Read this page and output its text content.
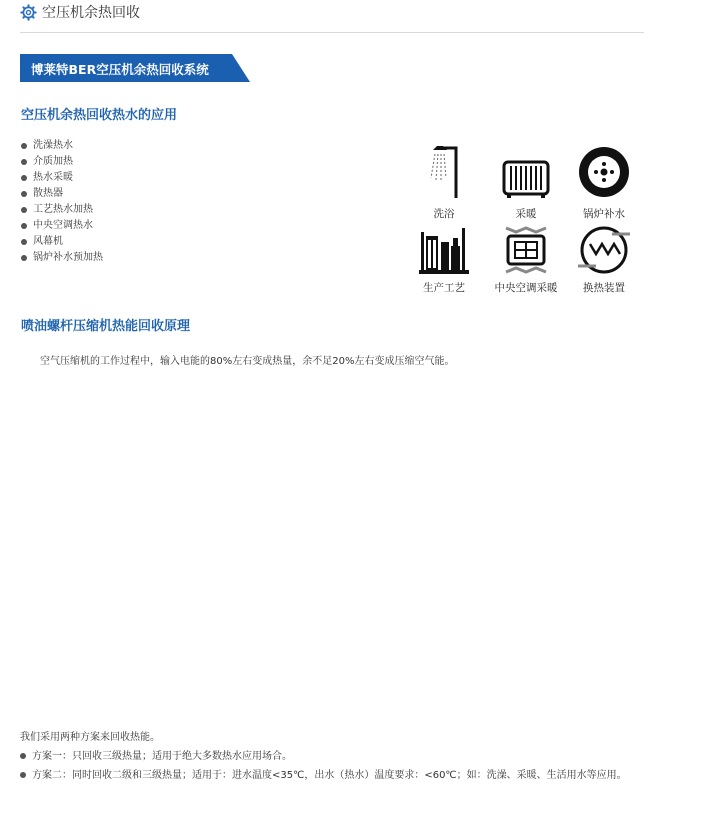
空压机余热回收
博莱特BER空压机余热回收系统
空压机余热回收热水的应用
洗澡热水
介质加热
热水采暖
散热器
工艺热水加热
中央空调热水
风幕机
锅炉补水预加热
洗浴	采暖	锅炉补水
生产工艺	中央空调采暖	换热装置
喷油螺杆压缩机热能回收原理
空气压缩机的工作过程中，输入电能的80%左右变成热量，余不足20%左右变成压缩空气能。
我们采用两种方案来回收热能。
方案一：只回收三级热量；适用于绝大多数热水应用场合。
方案二：同时回收二级和三级热量；适用于：进水温度<35℃，出水（热水）温度要求：<60℃；如：洗澡、采暖、生活用水等应用。
